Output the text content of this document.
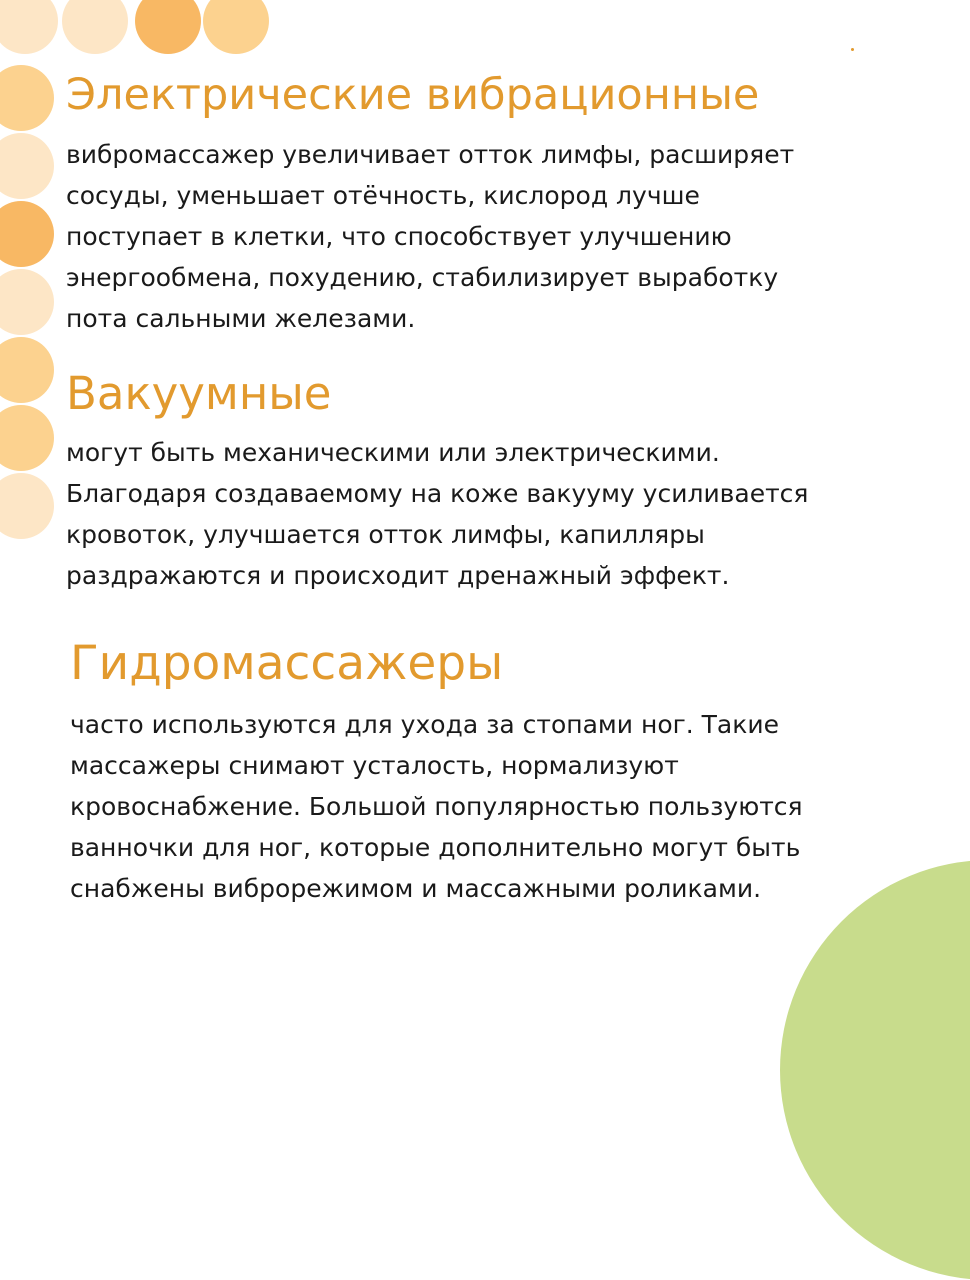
Электрические вибрационные
вибромассажер увеличивает отток лимфы, расширяет
сосуды, уменьшает отёчность, кислород лучше
поступает в клетки, что способствует улучшению
энергообмена, похудению, стабилизирует выработку
пота сальными железами.
Вакуумные
могут быть механическими или электрическими.
Благодаря создаваемому на коже вакууму усиливается
кровоток, улучшается отток лимфы, капилляры
раздражаются и происходит дренажный эффект.
Гидромассажеры
часто используются для ухода за стопами ног. Такие
массажеры снимают усталость, нормализуют
кровоснабжение. Большой популярностью пользуются
ванночки для ног, которые дополнительно могут быть
снабжены виброрежимом и массажными роликами.
